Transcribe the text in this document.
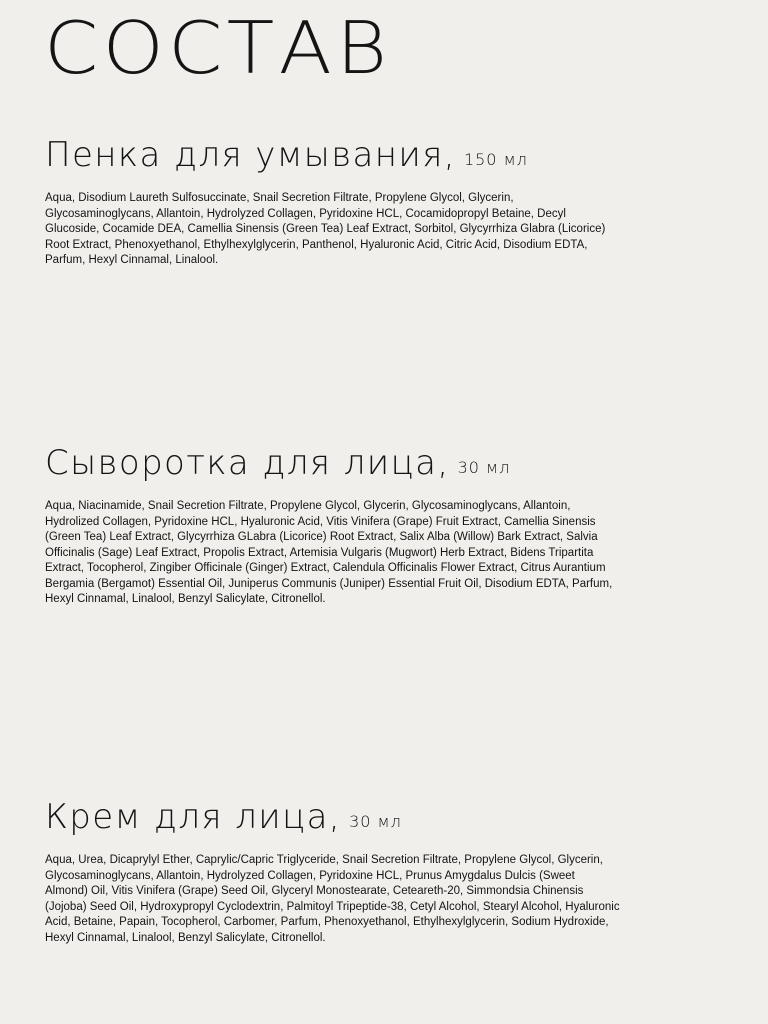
СОСТАВ
Пенка для умывания, 150 мл

Aqua, Disodium Laureth Sulfosuccinate, Snail Secretion Filtrate, Propylene Glycol, Glycerin, Glycosaminoglycans, Allantoin, Hydrolyzed Collagen, Pyridoxine HCL, Cocamidopropyl Betaine, Decyl Glucoside, Cocamide DEA, Camellia Sinensis (Green Tea) Leaf Extract, Sorbitol, Glycyrrhiza Glabra (Licorice) Root Extract, Phenoxyethanol, Ethylhexylglycerin, Panthenol, Hyaluronic Acid, Citric Acid, Disodium EDTA, Parfum, Hexyl Cinnamal, Linalool.

Сыворотка для лица, 30 мл

Aqua, Niacinamide, Snail Secretion Filtrate, Propylene Glycol, Glycerin, Glycosaminoglycans, Allantoin, Hydrolized Collagen, Pyridoxine HCL, Hyaluronic Acid, Vitis Vinifera (Grape) Fruit Extract, Camellia Sinensis (Green Tea) Leaf Extract, Glycyrrhiza GLabra (Licorice) Root Extract, Salix Alba (Willow) Bark Extract, Salvia Officinalis (Sage) Leaf Extract, Propolis Extract, Artemisia Vulgaris (Mugwort) Herb Extract, Bidens Tripartita Extract, Tocopherol, Zingiber Officinale (Ginger) Extract, Calendula Officinalis Flower Extract, Citrus Aurantium Bergamia (Bergamot) Essential Oil, Juniperus Communis (Juniper) Essential Fruit Oil, Disodium EDTA, Parfum, Hexyl Cinnamal, Linalool, Benzyl Salicylate, Citronellol.

Крем для лица, 30 мл

Aqua, Urea, Dicaprylyl Ether, Caprylic/Capric Triglyceride, Snail Secretion Filtrate, Propylene Glycol, Glycerin, Glycosaminoglycans, Allantoin, Hydrolyzed Collagen, Pyridoxine HCL, Prunus Amygdalus Dulcis (Sweet Almond) Oil, Vitis Vinifera (Grape) Seed Oil, Glyceryl Monostearate, Ceteareth-20, Simmondsia Chinensis (Jojoba) Seed Oil, Hydroxypropyl Cyclodextrin, Palmitoyl Tripeptide-38, Cetyl Alcohol, Stearyl Alcohol, Hyaluronic Acid, Betaine, Papain, Tocopherol, Carbomer, Parfum, Phenoxyethanol, Ethylhexylglycerin, Sodium Hydroxide, Hexyl Cinnamal, Linalool, Benzyl Salicylate, Citronellol.
